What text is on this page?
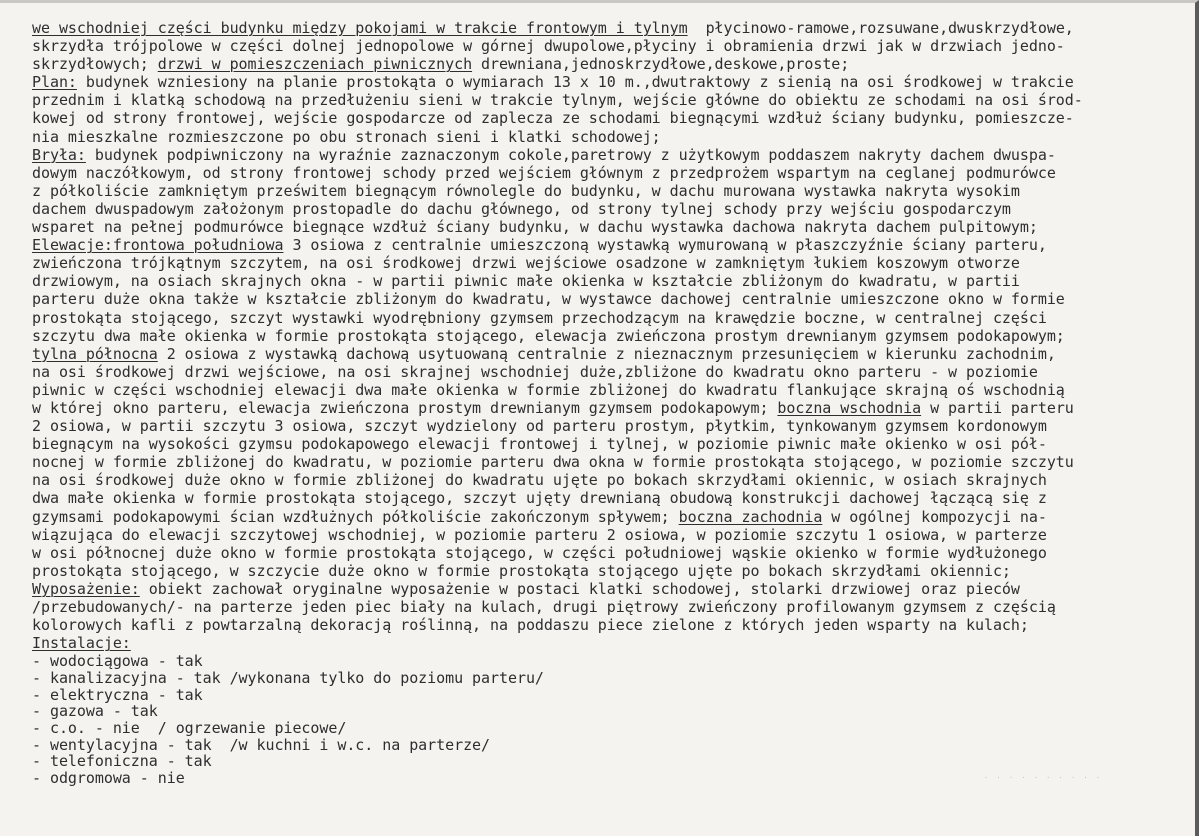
we wschodniej części budynku między pokojami w trakcie frontowym i tylnym  płycinowo-ramowe,rozsuwane,dwuskrzydłowe,
skrzydła trójpolowe w części dolnej jednopolowe w górnej dwupolowe,płyciny i obramienia drzwi jak w drzwiach jedno-
skrzydłowych; drzwi w pomieszczeniach piwnicznych drewniana,jednoskrzydłowe,deskowe,proste;
Plan: budynek wzniesiony na planie prostokąta o wymiarach 13 x 10 m.,dwutraktowy z sienią na osi środkowej w trakcie
przednim i klatką schodową na przedłużeniu sieni w trakcie tylnym, wejście główne do obiektu ze schodami na osi środ-
kowej od strony frontowej, wejście gospodarcze od zaplecza ze schodami biegnącymi wzdłuż ściany budynku, pomieszcze-
nia mieszkalne rozmieszczone po obu stronach sieni i klatki schodowej;
Bryła: budynek podpiwniczony na wyraźnie zaznaczonym cokole,paretrowy z użytkowym poddaszem nakryty dachem dwuspa-
dowym naczółkowym, od strony frontowej schody przed wejściem głównym z przedprożem wspartym na ceglanej podmurówce
z półkoliście zamkniętym prześwitem biegnącym równolegle do budynku, w dachu murowana wystawka nakryta wysokim
dachem dwuspadowym założonym prostopadle do dachu głównego, od strony tylnej schody przy wejściu gospodarczym
wsparet na pełnej podmurówce biegnące wzdłuż ściany budynku, w dachu wystawka dachowa nakryta dachem pulpitowym;
Elewacje:frontowa południowa 3 osiowa z centralnie umieszczoną wystawką wymurowaną w płaszczyźnie ściany parteru,
zwieńczona trójkątnym szczytem, na osi środkowej drzwi wejściowe osadzone w zamkniętym łukiem koszowym otworze
drzwiowym, na osiach skrajnych okna - w partii piwnic małe okienka w kształcie zbliżonym do kwadratu, w partii
parteru duże okna także w kształcie zbliżonym do kwadratu, w wystawce dachowej centralnie umieszczone okno w formie
prostokąta stojącego, szczyt wystawki wyodrębniony gzymsem przechodzącym na krawędzie boczne, w centralnej części
szczytu dwa małe okienka w formie prostokąta stojącego, elewacja zwieńczona prostym drewnianym gzymsem podokapowym;
tylna północna 2 osiowa z wystawką dachową usytuowaną centralnie z nieznacznym przesunięciem w kierunku zachodnim,
na osi środkowej drzwi wejściowe, na osi skrajnej wschodniej duże,zbliżone do kwadratu okno parteru - w poziomie
piwnic w części wschodniej elewacji dwa małe okienka w formie zbliżonej do kwadratu flankujące skrajną oś wschodnią
w której okno parteru, elewacja zwieńczona prostym drewnianym gzymsem podokapowym; boczna wschodnia w partii parteru
2 osiowa, w partii szczytu 3 osiowa, szczyt wydzielony od parteru prostym, płytkim, tynkowanym gzymsem kordonowym
biegnącym na wysokości gzymsu podokapowego elewacji frontowej i tylnej, w poziomie piwnic małe okienko w osi pół-
nocnej w formie zbliżonej do kwadratu, w poziomie parteru dwa okna w formie prostokąta stojącego, w poziomie szczytu
na osi środkowej duże okno w formie zbliżonej do kwadratu ujęte po bokach skrzydłami okiennic, w osiach skrajnych
dwa małe okienka w formie prostokąta stojącego, szczyt ujęty drewnianą obudową konstrukcji dachowej łączącą się z
gzymsami podokapowymi ścian wzdłużnych półkoliście zakończonym spływem; boczna zachodnia w ogólnej kompozycji na-
wiązująca do elewacji szczytowej wschodniej, w poziomie parteru 2 osiowa, w poziomie szczytu 1 osiowa, w parterze
w osi północnej duże okno w formie prostokąta stojącego, w części południowej wąskie okienko w formie wydłużonego
prostokąta stojącego, w szczycie duże okno w formie prostokąta stojącego ujęte po bokach skrzydłami okiennic;
Wyposażenie: obiekt zachował oryginalne wyposażenie w postaci klatki schodowej, stolarki drzwiowej oraz pieców
/przebudowanych/- na parterze jeden piec biały na kulach, drugi piętrowy zwieńczony profilowanym gzymsem z częścią
kolorowych kafli z powtarzalną dekoracją roślinną, na poddaszu piece zielone z których jeden wsparty na kulach;
Instalacje:
- wodociągowa - tak
- kanalizacyjna - tak /wykonana tylko do poziomu parteru/
- elektryczna - tak
- gazowa - tak
- c.o. - nie  / ogrzewanie piecowe/
- wentylacyjna - tak  /w kuchni i w.c. na parterze/
- telefoniczna - tak
- odgromowa - nie	· · · · · · · · · ·
